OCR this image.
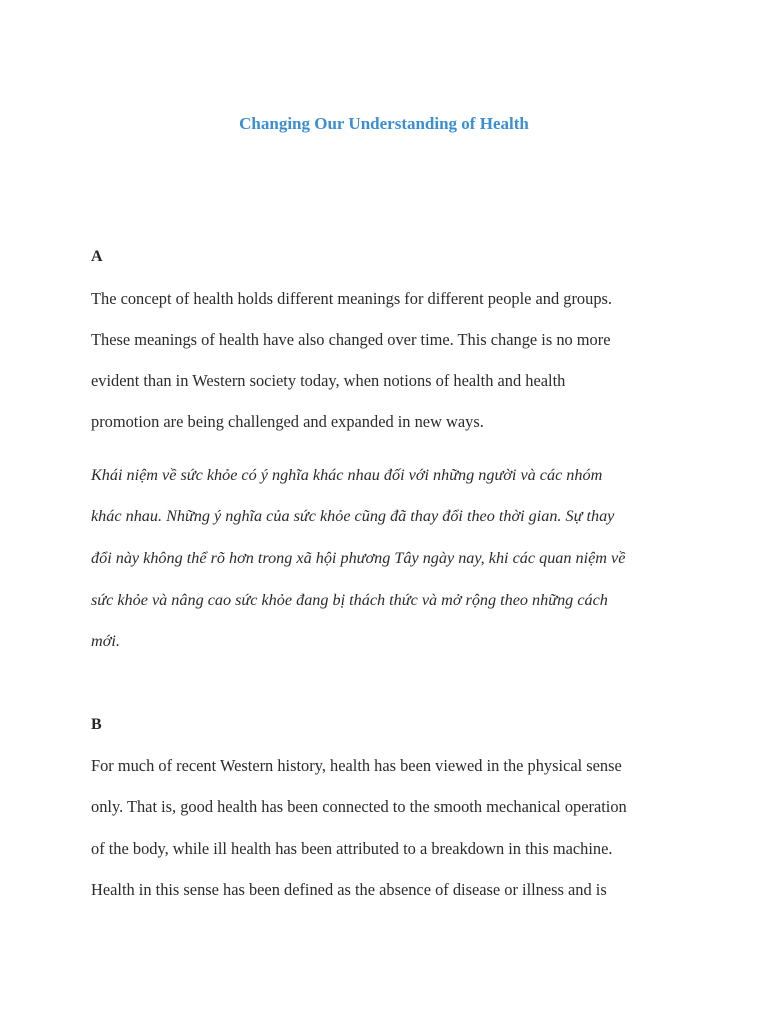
Changing Our Understanding of Health
A
The concept of health holds different meanings for different people and groups.
These meanings of health have also changed over time. This change is no more
evident than in Western society today, when notions of health and health
promotion are being challenged and expanded in new ways.
Khái niệm về sức khỏe có ý nghĩa khác nhau đối với những người và các nhóm
khác nhau. Những ý nghĩa của sức khỏe cũng đã thay đổi theo thời gian. Sự thay
đổi này không thể rõ hơn trong xã hội phương Tây ngày nay, khi các quan niệm về
sức khỏe và nâng cao sức khỏe đang bị thách thức và mở rộng theo những cách
mới.
B
For much of recent Western history, health has been viewed in the physical sense
only. That is, good health has been connected to the smooth mechanical operation
of the body, while ill health has been attributed to a breakdown in this machine.
Health in this sense has been defined as the absence of disease or illness and is
